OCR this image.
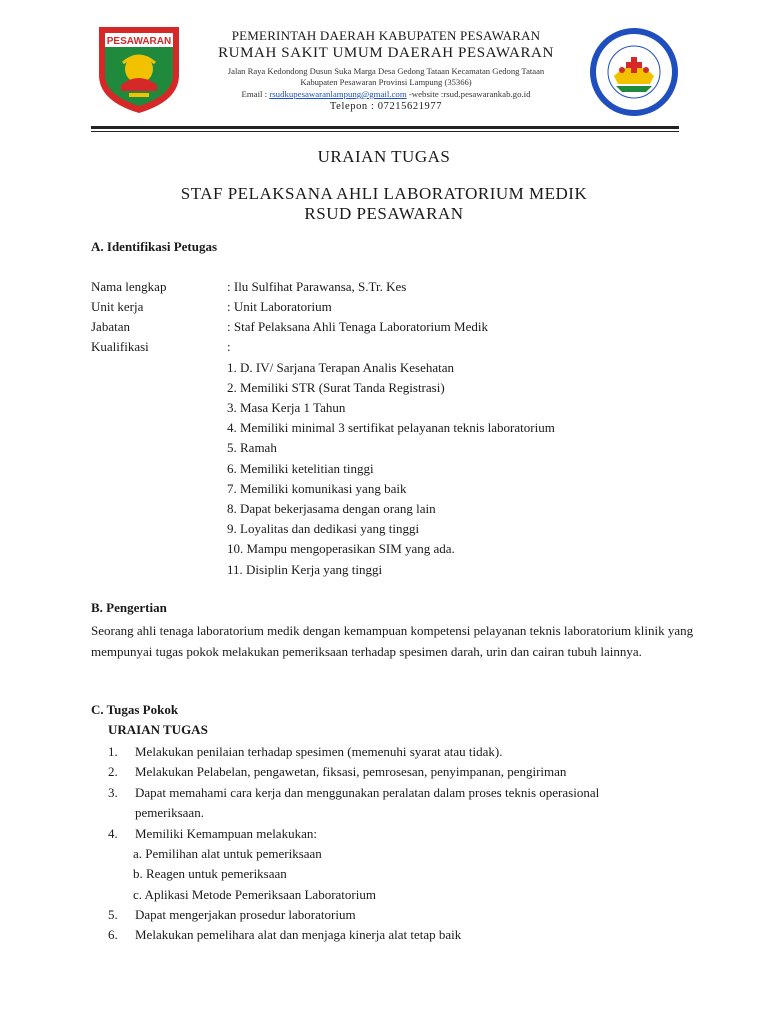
PESAWARAN	PEMERINTAH DAERAH KABUPATEN PESAWARAN
RUMAH SAKIT UMUM DAERAH PESAWARAN
Jalan Raya Kedondong Dusun Suka Marga Desa Gedong Tataan Kecamatan Gedong Tataan
Kabupaten Pesawaran Provinsi Lampung (35366)
Email : rsudkupesawaranlampung@gmail.com -website :rsud.pesawarankab.go.id
Telepon : 07215621977
URAIAN TUGAS
STAF PELAKSANA AHLI LABORATORIUM MEDIK
RSUD PESAWARAN
A. Identifikasi Petugas
Nama lengkap	: Ilu Sulfihat Parawansa, S.Tr. Kes
Unit kerja	: Unit Laboratorium
Jabatan	: Staf Pelaksana Ahli Tenaga Laboratorium Medik
Kualifikasi	:
1. D. IV/ Sarjana Terapan Analis Kesehatan
2. Memiliki STR (Surat Tanda Registrasi)
3. Masa Kerja 1 Tahun
4. Memiliki minimal 3 sertifikat pelayanan teknis laboratorium
5. Ramah
6. Memiliki ketelitian tinggi
7. Memiliki komunikasi yang baik
8. Dapat bekerjasama dengan orang lain
9. Loyalitas dan dedikasi yang tinggi
10. Mampu mengoperasikan SIM yang ada.
11. Disiplin Kerja yang tinggi
B. Pengertian
Seorang ahli tenaga laboratorium medik dengan kemampuan kompetensi pelayanan teknis laboratorium klinik yang mempunyai tugas pokok melakukan pemeriksaan terhadap spesimen darah, urin dan cairan tubuh lainnya.
C. Tugas Pokok
URAIAN TUGAS
1. Melakukan penilaian terhadap spesimen (memenuhi syarat atau tidak).
2. Melakukan Pelabelan, pengawetan, fiksasi, pemrosesan, penyimpanan, pengiriman
3. Dapat memahami cara kerja dan menggunakan peralatan dalam proses teknis operasional
pemeriksaan.
4. Memiliki Kemampuan melakukan:
a. Pemilihan alat untuk pemeriksaan
b. Reagen untuk pemeriksaan
c. Aplikasi Metode Pemeriksaan Laboratorium
5. Dapat mengerjakan prosedur laboratorium
6. Melakukan pemelihara alat dan menjaga kinerja alat tetap baik
